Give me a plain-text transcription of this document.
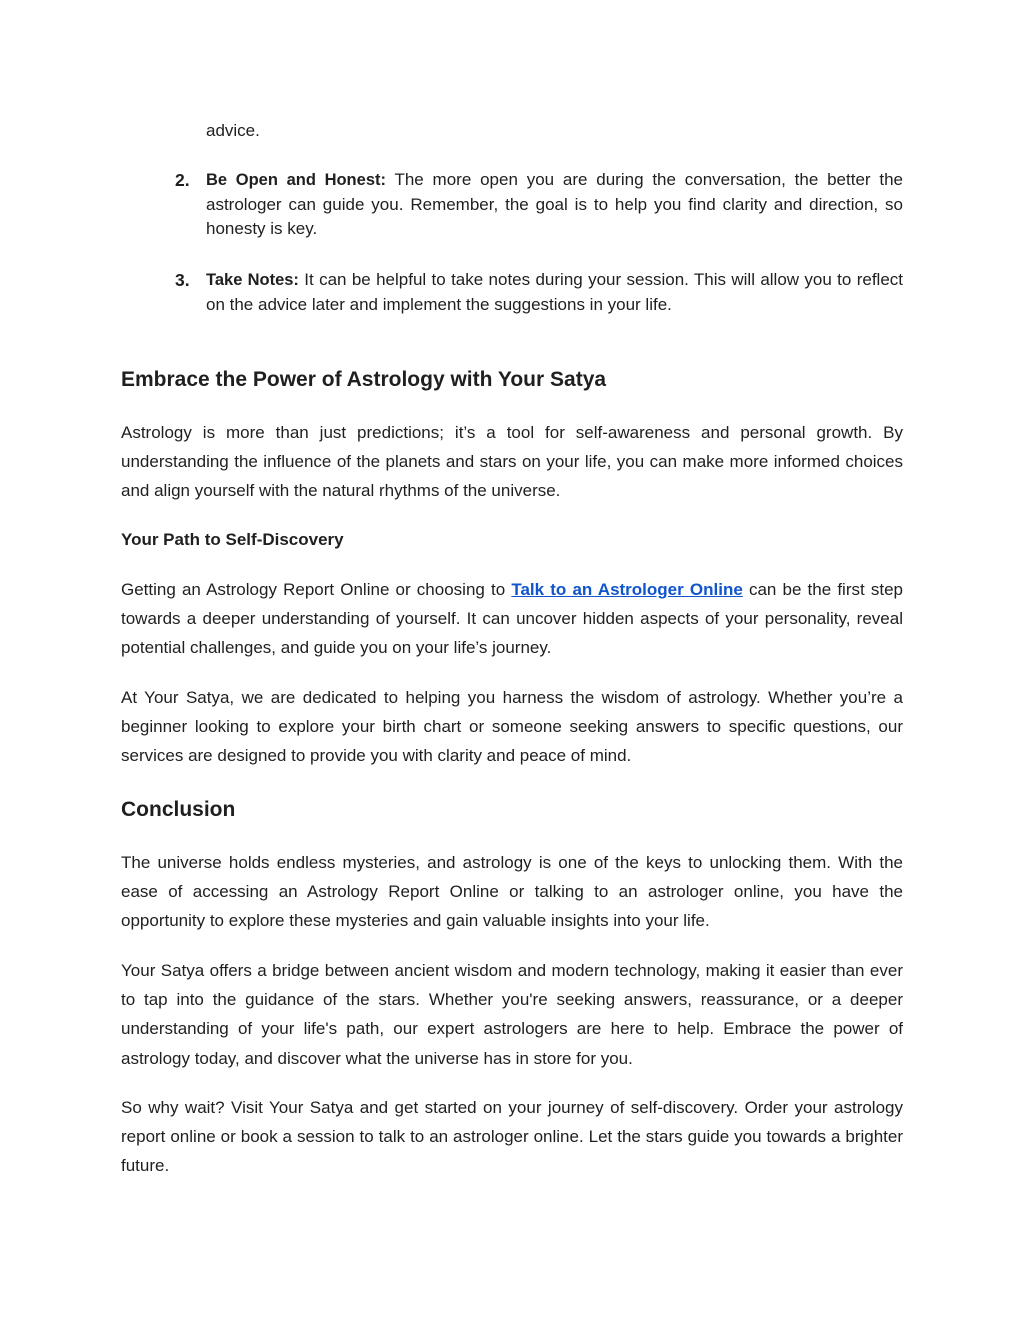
advice.
2. Be Open and Honest: The more open you are during the conversation, the better the astrologer can guide you. Remember, the goal is to help you find clarity and direction, so honesty is key.
3. Take Notes: It can be helpful to take notes during your session. This will allow you to reflect on the advice later and implement the suggestions in your life.
Embrace the Power of Astrology with Your Satya

Astrology is more than just predictions; it’s a tool for self-awareness and personal growth. By understanding the influence of the planets and stars on your life, you can make more informed choices and align yourself with the natural rhythms of the universe.

Your Path to Self-Discovery

Getting an Astrology Report Online or choosing to Talk to an Astrologer Online can be the first step towards a deeper understanding of yourself. It can uncover hidden aspects of your personality, reveal potential challenges, and guide you on your life’s journey.

At Your Satya, we are dedicated to helping you harness the wisdom of astrology. Whether you’re a beginner looking to explore your birth chart or someone seeking answers to specific questions, our services are designed to provide you with clarity and peace of mind.

Conclusion

The universe holds endless mysteries, and astrology is one of the keys to unlocking them. With the ease of accessing an Astrology Report Online or talking to an astrologer online, you have the opportunity to explore these mysteries and gain valuable insights into your life.

Your Satya offers a bridge between ancient wisdom and modern technology, making it easier than ever to tap into the guidance of the stars. Whether you're seeking answers, reassurance, or a deeper understanding of your life's path, our expert astrologers are here to help. Embrace the power of astrology today, and discover what the universe has in store for you.

So why wait? Visit Your Satya and get started on your journey of self-discovery. Order your astrology report online or book a session to talk to an astrologer online. Let the stars guide you towards a brighter future.
